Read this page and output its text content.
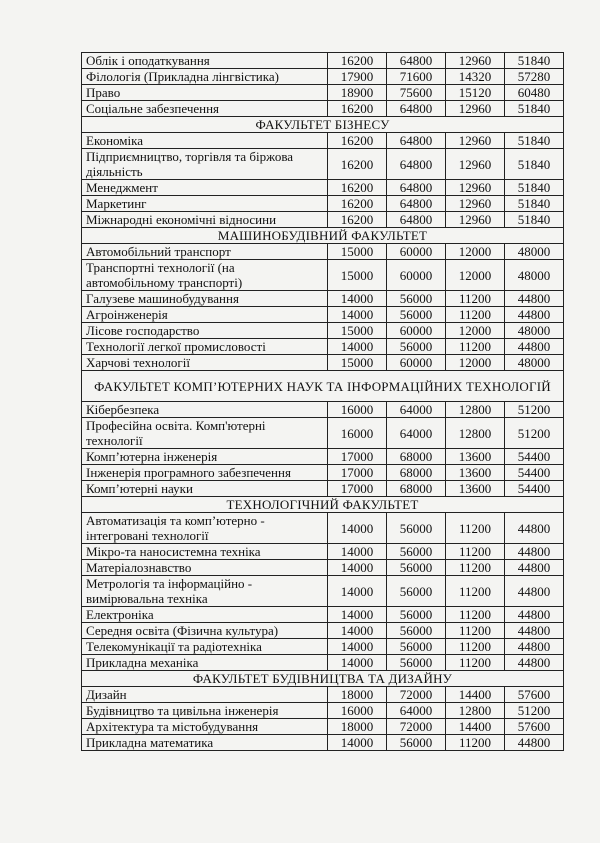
Облік і оподаткування	16200	64800	12960	51840
Філологія (Прикладна лінгвістика)	17900	71600	14320	57280
Право	18900	75600	15120	60480
Соціальне забезпечення	16200	64800	12960	51840
ФАКУЛЬТЕТ БІЗНЕСУ				
Економіка	16200	64800	12960	51840
Підприємництво, торгівля та біржова діяльність	16200	64800	12960	51840
Менеджмент	16200	64800	12960	51840
Маркетинг	16200	64800	12960	51840
Міжнародні економічні відносини	16200	64800	12960	51840
МАШИНОБУДІВНИЙ ФАКУЛЬТЕТ				
Автомобільний транспорт	15000	60000	12000	48000
Транспортні технології (на автомобільному транспорті)	15000	60000	12000	48000
Галузеве машинобудування	14000	56000	11200	44800
Агроінженерія	14000	56000	11200	44800
Лісове господарство	15000	60000	12000	48000
Технології легкої промисловості	14000	56000	11200	44800
Харчові технології	15000	60000	12000	48000
ФАКУЛЬТЕТ КОМП’ЮТЕРНИХ НАУК ТА ІНФОРМАЦІЙНИХ ТЕХНОЛОГІЙ				
Кібербезпека	16000	64000	12800	51200
Професійна освіта. Комп'ютерні технології	16000	64000	12800	51200
Комп’ютерна інженерія	17000	68000	13600	54400
Інженерія програмного забезпечення	17000	68000	13600	54400
Комп’ютерні науки	17000	68000	13600	54400
ТЕХНОЛОГІЧНИЙ ФАКУЛЬТЕТ				
Автоматизація та комп’ютерно - інтегровані технології	14000	56000	11200	44800
Мікро-та наносистемна техніка	14000	56000	11200	44800
Матеріалознавство	14000	56000	11200	44800
Метрологія та інформаційно - вимірювальна техніка	14000	56000	11200	44800
Електроніка	14000	56000	11200	44800
Середня освіта (Фізична культура)	14000	56000	11200	44800
Телекомунікації та радіотехніка	14000	56000	11200	44800
Прикладна механіка	14000	56000	11200	44800
ФАКУЛЬТЕТ БУДІВНИЦТВА ТА ДИЗАЙНУ				
Дизайн	18000	72000	14400	57600
Будівництво та цивільна інженерія	16000	64000	12800	51200
Архітектура та містобудування	18000	72000	14400	57600
Прикладна математика	14000	56000	11200	44800
